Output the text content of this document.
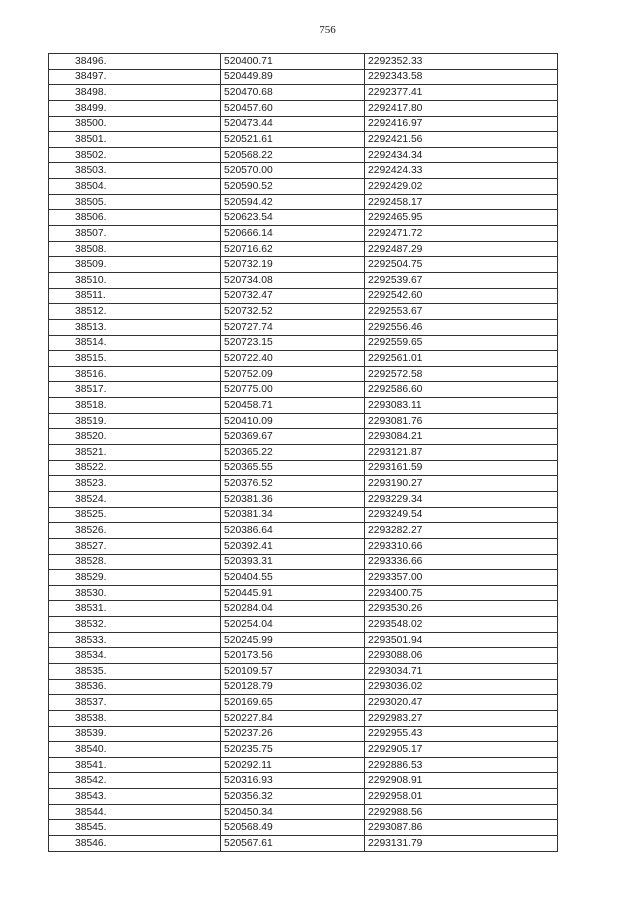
756
38496.	520400.71	2292352.33
38497.	520449.89	2292343.58
38498.	520470.68	2292377.41
38499.	520457.60	2292417.80
38500.	520473.44	2292416.97
38501.	520521.61	2292421.56
38502.	520568.22	2292434.34
38503.	520570.00	2292424.33
38504.	520590.52	2292429.02
38505.	520594.42	2292458.17
38506.	520623.54	2292465.95
38507.	520666.14	2292471.72
38508.	520716.62	2292487.29
38509.	520732.19	2292504.75
38510.	520734.08	2292539.67
38511.	520732.47	2292542.60
38512.	520732.52	2292553.67
38513.	520727.74	2292556.46
38514.	520723.15	2292559.65
38515.	520722.40	2292561.01
38516.	520752.09	2292572.58
38517.	520775.00	2292586.60
38518.	520458.71	2293083.11
38519.	520410.09	2293081.76
38520.	520369.67	2293084.21
38521.	520365.22	2293121.87
38522.	520365.55	2293161.59
38523.	520376.52	2293190.27
38524.	520381.36	2293229.34
38525.	520381.34	2293249.54
38526.	520386.64	2293282.27
38527.	520392.41	2293310.66
38528.	520393.31	2293336.66
38529.	520404.55	2293357.00
38530.	520445.91	2293400.75
38531.	520284.04	2293530.26
38532.	520254.04	2293548.02
38533.	520245.99	2293501.94
38534.	520173.56	2293088.06
38535.	520109.57	2293034.71
38536.	520128.79	2293036.02
38537.	520169.65	2293020.47
38538.	520227.84	2292983.27
38539.	520237.26	2292955.43
38540.	520235.75	2292905.17
38541.	520292.11	2292886.53
38542.	520316.93	2292908.91
38543.	520356.32	2292958.01
38544.	520450.34	2292988.56
38545.	520568.49	2293087.86
38546.	520567.61	2293131.79
